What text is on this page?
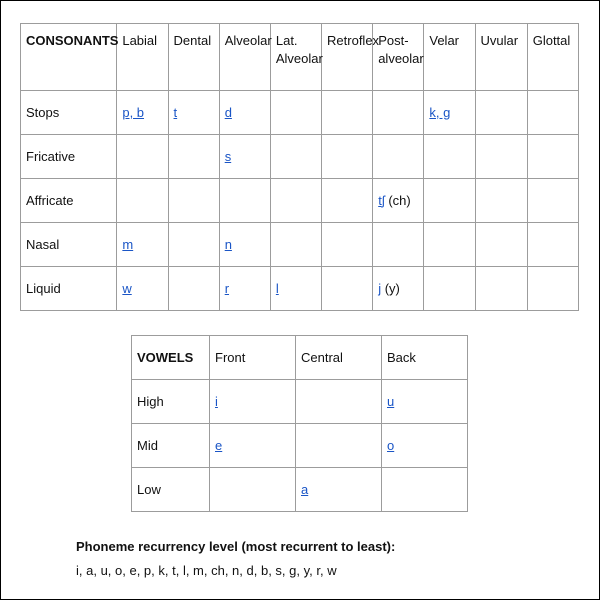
CONSONANTS	Labial	Dental	Alveolar	Lat. Alveolar	Retroflex	Post-alveolar	Velar	Uvular	Glottal
Stops	p, b	t	d				k, g		
Fricative			s						
Affricate						tʃ (ch)			
Nasal	m		n						
Liquid	w		r	l		j (y)			
VOWELS	Front	Central	Back
High	i		u
Mid	e		o
Low		a	
Phoneme recurrency level (most recurrent to least):
i, a, u, o, e, p, k, t, l, m, ch, n, d, b, s, g, y, r, w
